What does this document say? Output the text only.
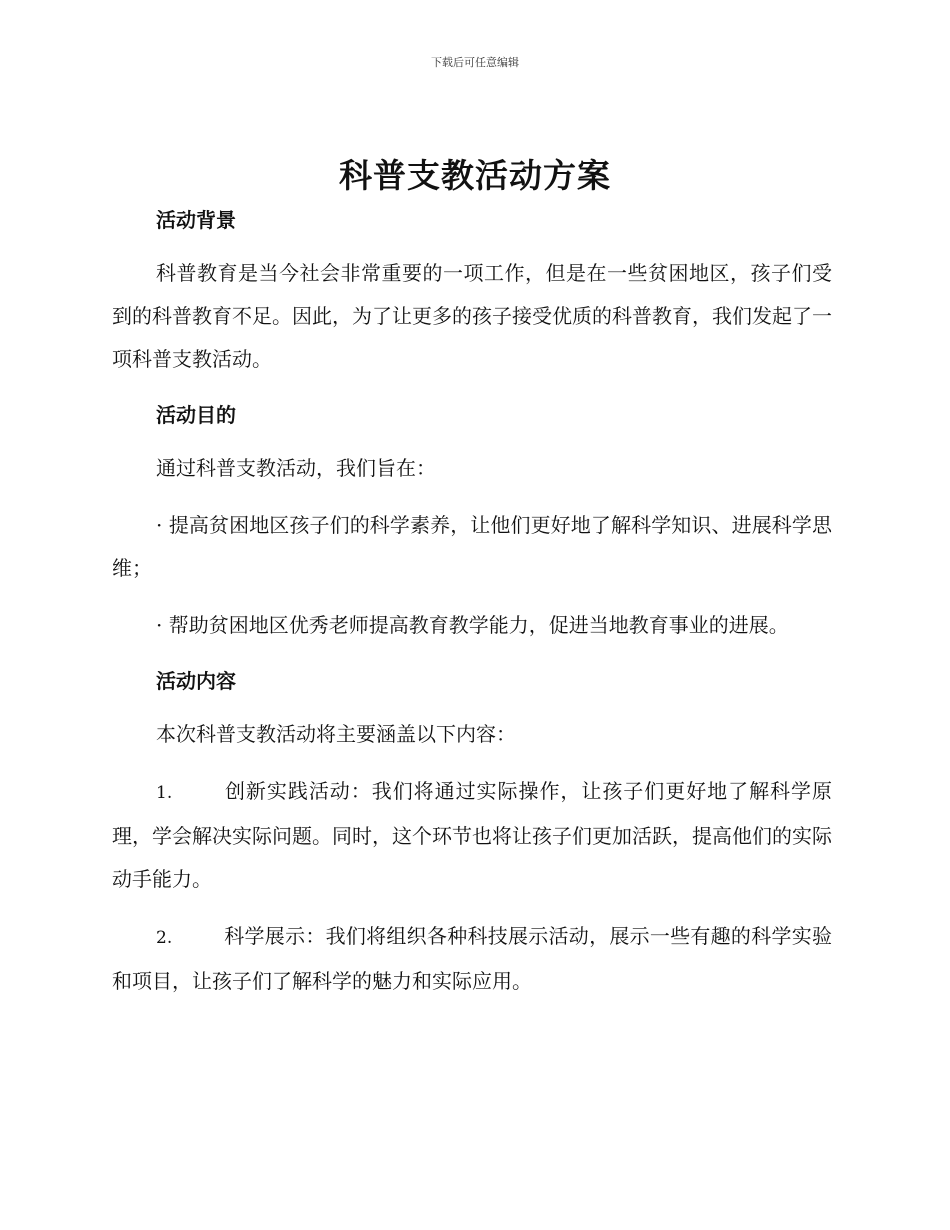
下载后可任意编辑
科普支教活动方案
活动背景

科普教育是当今社会非常重要的一项工作，但是在一些贫困地区，孩子们受到的科普教育不足。因此，为了让更多的孩子接受优质的科普教育，我们发起了一项科普支教活动。

活动目的

通过科普支教活动，我们旨在：

· 提高贫困地区孩子们的科学素养，让他们更好地了解科学知识、进展科学思维；

· 帮助贫困地区优秀老师提高教育教学能力，促进当地教育事业的进展。

活动内容

本次科普支教活动将主要涵盖以下内容：

1.	创新实践活动：我们将通过实际操作，让孩子们更好地了解科学原理，学会解决实际问题。同时，这个环节也将让孩子们更加活跃，提高他们的实际动手能力。

2.	科学展示：我们将组织各种科技展示活动，展示一些有趣的科学实验和项目，让孩子们了解科学的魅力和实际应用。
